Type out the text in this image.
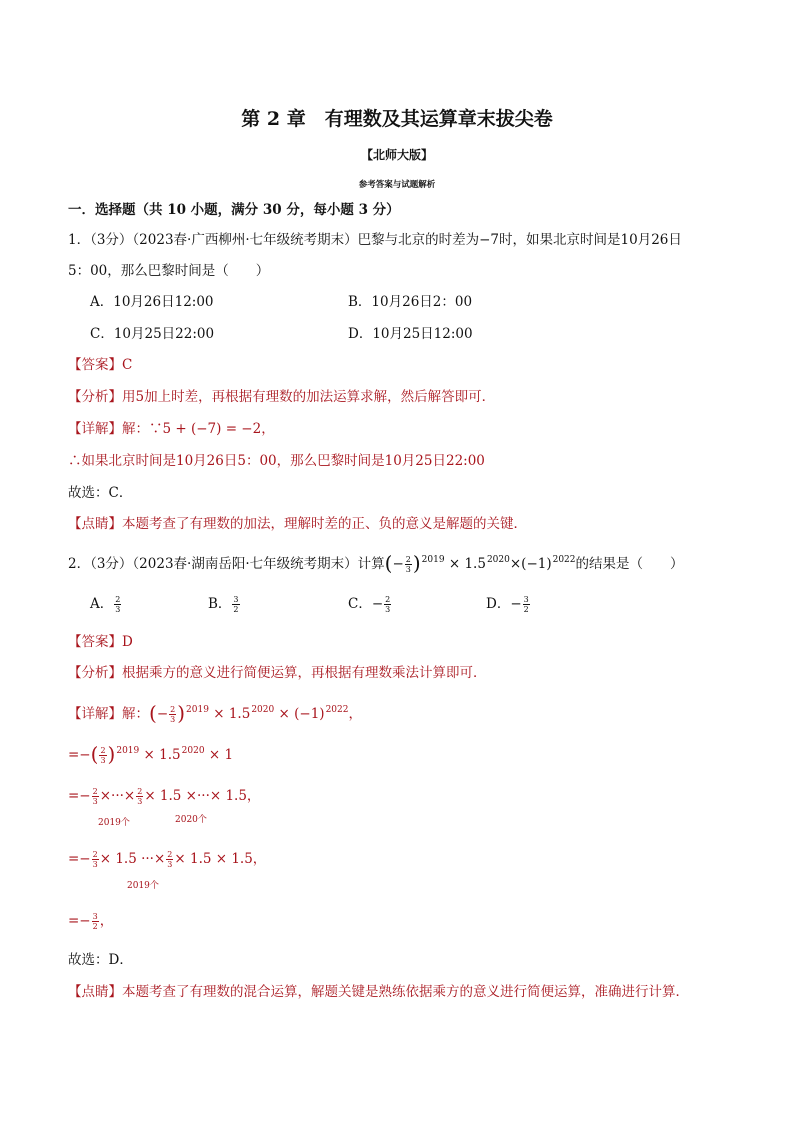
第 2 章　有理数及其运算章末拔尖卷
【北师大版】
参考答案与试题解析
一．选择题（共 10 小题，满分 30 分，每小题 3 分）
1．（3分）（2023春·广西柳州·七年级统考期末）巴黎与北京的时差为−7时，如果北京时间是10月26日
5：00，那么巴黎时间是（　　）
A．10月26日12:00	B．10月26日2：00
C．10月25日22:00	D．10月25日12:00
【答案】C
【分析】用5加上时差，再根据有理数的加法运算求解，然后解答即可．
【详解】解：∵5 + (−7) = −2，
∴如果北京时间是10月26日5：00，那么巴黎时间是10月25日22:00
故选：C．
【点睛】本题考查了有理数的加法，理解时差的正、负的意义是解题的关键．
2．（3分）（2023春·湖南岳阳·七年级统考期末）计算(− $\frac{2}{3} )^{2019} \times 1.5^{2020}\times(-1)^{2022}$的结果是（　　）
A． $\frac{2}{3}$	B． $\frac{3}{2}$	C．− $\frac{2}{3}$	D．− $\frac{3}{2}$
【答案】D
【分析】根据乘方的意义进行简便运算，再根据有理数乘法计算即可．
【详解】解：(− $\frac{2}{3} )^{2019} \times 1.5^{2020} \times (-1)^{2022}$，
=−( $\frac{2}{3} )^{2019} \times 1.5^{2020} \times 1$
=− $\frac{2}{3}$ ×···× $\frac{2}{3} \times 1.5$ ×···× 1.5，
2019个	2020个
=− $\frac{2}{3} \times 1.5$ ···× $\frac{2}{3} \times 1.5 \times 1.5$，
2019个
=− $\frac{3}{2}$ ，
故选：D．
【点睛】本题考查了有理数的混合运算，解题关键是熟练依据乘方的意义进行简便运算，准确进行计算．
